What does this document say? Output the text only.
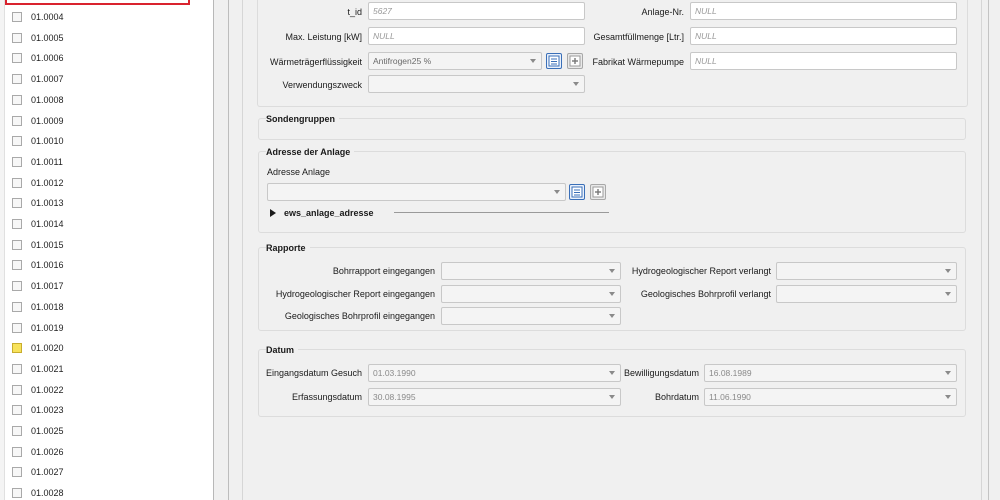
01.0004
01.0005
01.0006
01.0007
01.0008
01.0009
01.0010
01.0011
01.0012
01.0013
01.0014
01.0015
01.0016
01.0017
01.0018
01.0019
01.0020
01.0021
01.0022
01.0023
01.0025
01.0026
01.0027
01.0028
t_id	5627	Anlage-Nr.	NULL
Max. Leistung [kW]	NULL	Gesamtfüllmenge [Ltr.]	NULL
Wärmeträgerflüssigkeit	Antifrogen25 %	Fabrikat Wärmepumpe	NULL
Verwendungszweck
Sondengruppen
Adresse der Anlage
Adresse Anlage
ews_anlage_adresse
Rapporte
Bohrrapport eingegangen	Hydrogeologischer Report verlangt
Hydrogeologischer Report eingegangen	Geologisches Bohrprofil verlangt
Geologisches Bohrprofil eingegangen
Datum
Eingangsdatum Gesuch	01.03.1990	Bewilligungsdatum	16.08.1989
Erfassungsdatum	30.08.1995	Bohrdatum	11.06.1990
